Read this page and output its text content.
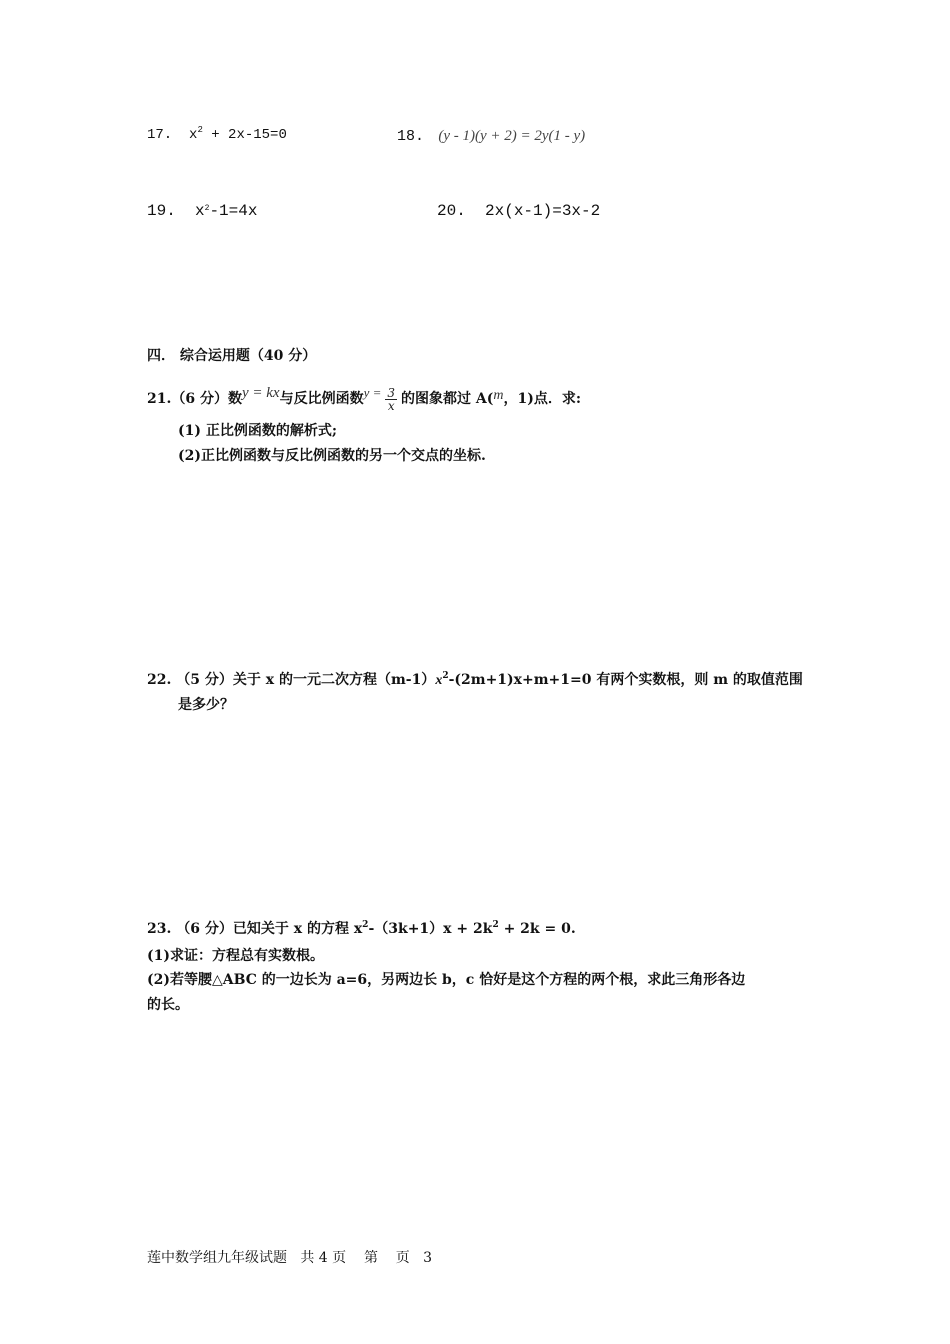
17. $x^2 + 2x-15=0$	18. (y - 1)(y + 2) = 2y(1 - y)
19. $x^2-1=4x$	20. 2x(x-1)=3x-2
四． 综合运用题（40 分）
21.（6 分）数y = kx与反比例函数$y = \frac{3}{x}$ 的图象都过 A(m，1)点．求:
(1) 正比例函数的解析式;
(2)正比例函数与反比例函数的另一个交点的坐标.
22. （5 分）关于 x 的一元二次方程$(m-1)x^2-(2m+1)x+m+1=0$ 有两个实数根，则 m 的取值范围
是多少？
23. （6 分）已知关于 x 的方程 $x^2-(3k+1)x + 2k^2 + 2k = 0$.
(1)求证：方程总有实数根。
(2)若等腰△ABC 的一边长为 a=6，另两边长 b，c 恰好是这个方程的两个根，求此三角形各边
的长。
莲中数学组九年级试题   共 4 页    第    页   3
